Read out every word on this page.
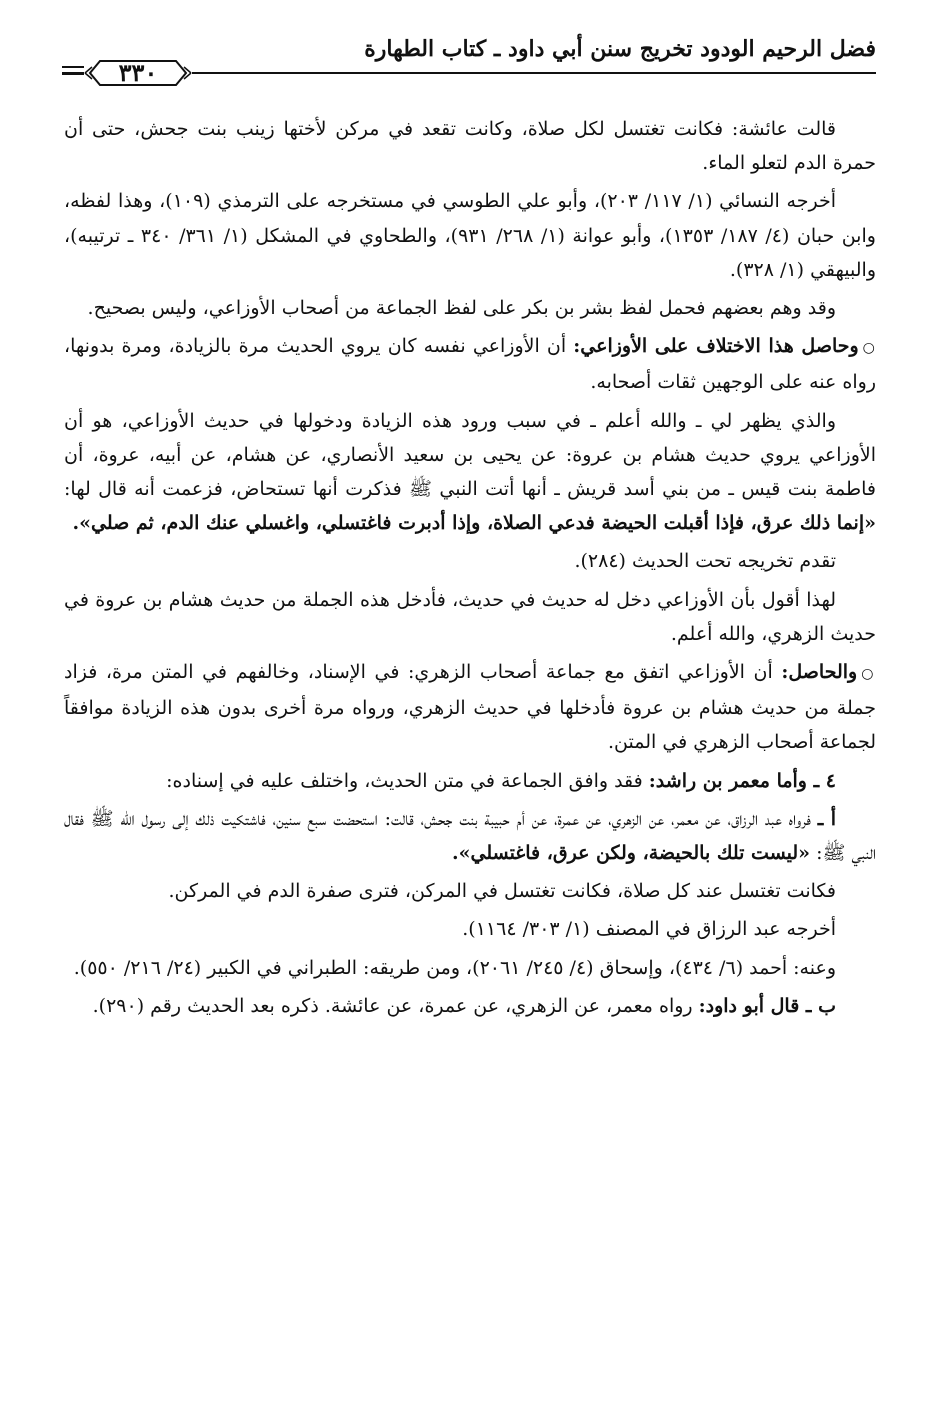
فضل الرحيم الودود تخريج سنن أبي داود ـ كتاب الطهارة
٣٣٠

قالت عائشة: فكانت تغتسل لكل صلاة، وكانت تقعد في مركن لأختها زينب بنت جحش، حتى أن حمرة الدم لتعلو الماء.

أخرجه النسائي (١/ ١١٧/ ٢٠٣)، وأبو علي الطوسي في مستخرجه على الترمذي (١٠٩)، وهذا لفظه، وابن حبان (٤/ ١٨٧/ ١٣٥٣)، وأبو عوانة (١/ ٢٦٨/ ٩٣١)، والطحاوي في المشكل (١/ ٣٦١/ ٣٤٠ ـ ترتيبه)، والبيهقي (١/ ٣٢٨).

وقد وهم بعضهم فحمل لفظ بشر بن بكر على لفظ الجماعة من أصحاب الأوزاعي، وليس بصحيح.

○وحاصل هذا الاختلاف على الأوزاعي: أن الأوزاعي نفسه كان يروي الحديث مرة بالزيادة، ومرة بدونها، رواه عنه على الوجهين ثقات أصحابه.

والذي يظهر لي ـ والله أعلم ـ في سبب ورود هذه الزيادة ودخولها في حديث الأوزاعي، هو أن الأوزاعي يروي حديث هشام بن عروة: عن يحيى بن سعيد الأنصاري، عن هشام، عن أبيه، عروة، أن فاطمة بنت قيس ـ من بني أسد قريش ـ أنها أتت النبي ﷺ فذكرت أنها تستحاض، فزعمت أنه قال لها: «إنما ذلك عرق، فإذا أقبلت الحيضة فدعي الصلاة، وإذا أدبرت فاغتسلي، واغسلي عنك الدم، ثم صلي».

تقدم تخريجه تحت الحديث (٢٨٤).

لهذا أقول بأن الأوزاعي دخل له حديث في حديث، فأدخل هذه الجملة من حديث هشام بن عروة في حديث الزهري، والله أعلم.

○والحاصل: أن الأوزاعي اتفق مع جماعة أصحاب الزهري: في الإسناد، وخالفهم في المتن مرة، فزاد جملة من حديث هشام بن عروة فأدخلها في حديث الزهري، ورواه مرة أخرى بدون هذه الزيادة موافقاً لجماعة أصحاب الزهري في المتن.

٤ ـ وأما معمر بن راشد: فقد وافق الجماعة في متن الحديث، واختلف عليه في إسناده:

أ ـ فرواه عبد الرزاق، عن معمر، عن الزهري، عن عمرة، عن أم حبيبة بنت جحش، قالت: استحضت سبع سنين، فاشتكيت ذلك إلى رسول الله ﷺ فقال النبي ﷺ: «ليست تلك بالحيضة، ولكن عرق، فاغتسلي».

فكانت تغتسل عند كل صلاة، فكانت تغتسل في المركن، فترى صفرة الدم في المركن.

أخرجه عبد الرزاق في المصنف (١/ ٣٠٣/ ١١٦٤).

وعنه: أحمد (٦/ ٤٣٤)، وإسحاق (٤/ ٢٤٥/ ٢٠٦١)، ومن طريقه: الطبراني في الكبير (٢٤/ ٢١٦/ ٥٥٠).

ب ـ قال أبو داود: رواه معمر، عن الزهري، عن عمرة، عن عائشة. ذكره بعد الحديث رقم (٢٩٠).
